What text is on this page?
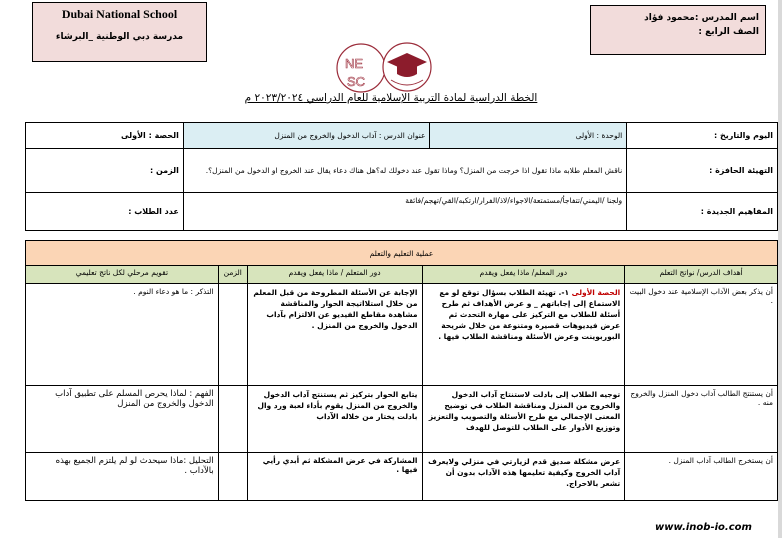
Dubai National School
مدرسة دبي الوطنية _البرشاء
اسم المدرس :محمود فؤاد
الصف الرابع :
NE
SC
الخطة الدراسية لمادة التربية الإسلامية للعام الدراسي ٢٠٢٣/٢٠٢٤ م
اليوم والتاريخ :	الوحدة : الأولى	عنوان الدرس : آداب الدخول والخروج من المنزل	الحصة : الأولى
التهيئة الحافزة :	ناقش المعلم طلابه ماذا تقول اذا خرجت من المنزل؟ وماذا تقول عند دخولك له؟هل هناك دعاء يقال عند الخروج او الدخول من المنزل؟.		الزمن :
المفاهيم الجديدة :	ولجنا /اليمني/تتفاجأ/مستمتعة/الاجواء/لاذ/الفرار/ارتكبه/القي/تهجم/فائقة		عدد الطلاب :
عملية التعليم والتعلم				
أهداف الدرس/ نواتج التعلم	دور المعلم/ ماذا يفعل ويقدم	دور المتعلم / ماذا يفعل ويقدم	الزمن	تقويم مرحلي لكل ناتج تعليمي
أن يذكر بعض الآداب الإسلامية عند دخول البيت .	الحصة الأولى ١-. تهيئة الطلاب بسؤال توقع لو مع الاستماع إلى إجاباتهم _ و عرض الأهداف ثم طرح أسئلة للطلاب مع التركيز على مهارة التحدث ثم عرض فيديوهات قصيرة ومتنوعة من خلال شريحة البوربوينت وعرض الأسئلة ومناقشة الطلاب فيها .	الإجابة عن الأسئلة المطروحة من قبل المعلم من خلال استلااتيجة الحوار والمناقشة مشاهدة مقاطع الفيديو عن الالتزام بآداب الدخول والخروج من المنزل .		التذكر : ما هو دعاء النوم .
أن يستنتج الطالب آداب دخول المنزل والخروج منه .	توجيه الطلاب إلى بادلت لاستنتاج آداب الدخول والخروج من المنزل ومناقشة الطلاب في توضيح المعنى الإجمالي مع طرح الأسئلة والتصويب والتعزيز وتوزيع الأدوار على الطلاب للتوصل للهدف	يتابع الحوار بتركيز ثم يستنتج آداب الدخول والخروج من المنزل يقوم بأداء لعبة ورد وال بادلت يختار من خلاله الآداب		الفهم : لماذا يحرص المسلم على تطبيق آداب الدخول والخروج من المنزل
أن يستخرج الطالب آداب المنزل .	عرض مشكلة صديق قدم لزيارتي في منزلي ولايعرف آداب الخروج وكيفية تعليمها هذه الآداب بدون أن تشعر بالاحراج.	المشاركة في عرض المشكلة ثم أبدي رأيي فيها .		التحليل :ماذا سيحدث لو لم يلتزم الجميع بهذه بالآداب .
www.inob-io.com
